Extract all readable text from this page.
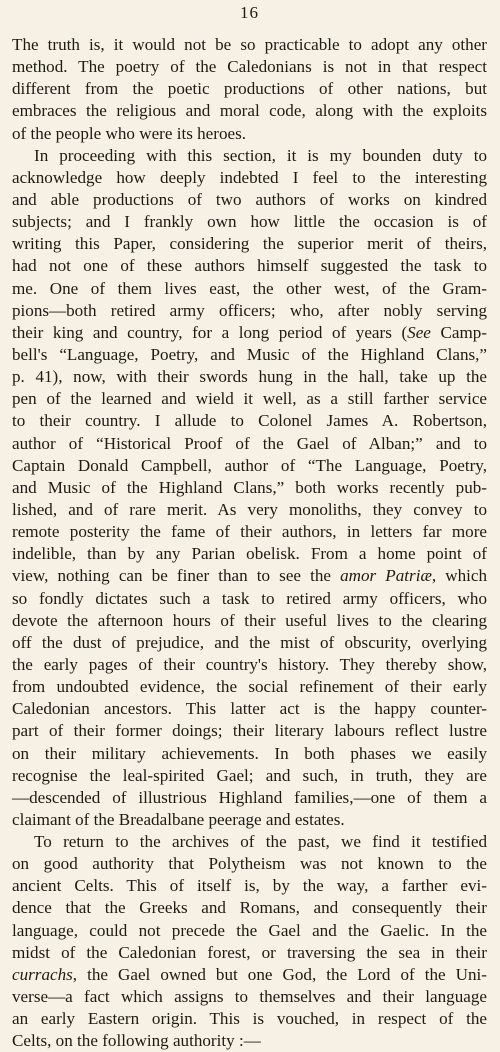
16
The truth is, it would not be so practicable to adopt any other
method. The poetry of the Caledonians is not in that respect
different from the poetic productions of other nations, but
embraces the religious and moral code, along with the exploits
of the people who were its heroes.
In proceeding with this section, it is my bounden duty to
acknowledge how deeply indebted I feel to the interesting
and able productions of two authors of works on kindred
subjects; and I frankly own how little the occasion is of
writing this Paper, considering the superior merit of theirs,
had not one of these authors himself suggested the task to
me. One of them lives east, the other west, of the Gram-
pions—both retired army officers; who, after nobly serving
their king and country, for a long period of years (See Camp-
bell's “Language, Poetry, and Music of the Highland Clans,”
p. 41), now, with their swords hung in the hall, take up the
pen of the learned and wield it well, as a still farther service
to their country. I allude to Colonel James A. Robertson,
author of “Historical Proof of the Gael of Alban;” and to
Captain Donald Campbell, author of “The Language, Poetry,
and Music of the Highland Clans,” both works recently pub-
lished, and of rare merit. As very monoliths, they convey to
remote posterity the fame of their authors, in letters far more
indelible, than by any Parian obelisk. From a home point of
view, nothing can be finer than to see the amor Patriæ, which
so fondly dictates such a task to retired army officers, who
devote the afternoon hours of their useful lives to the clearing
off the dust of prejudice, and the mist of obscurity, overlying
the early pages of their country's history. They thereby show,
from undoubted evidence, the social refinement of their early
Caledonian ancestors. This latter act is the happy counter-
part of their former doings; their literary labours reflect lustre
on their military achievements. In both phases we easily
recognise the leal-spirited Gael; and such, in truth, they are
—descended of illustrious Highland families,—one of them a
claimant of the Breadalbane peerage and estates.
To return to the archives of the past, we find it testified
on good authority that Polytheism was not known to the
ancient Celts. This of itself is, by the way, a farther evi-
dence that the Greeks and Romans, and consequently their
language, could not precede the Gael and the Gaelic. In the
midst of the Caledonian forest, or traversing the sea in their
currachs, the Gael owned but one God, the Lord of the Uni-
verse—a fact which assigns to themselves and their language
an early Eastern origin. This is vouched, in respect of the
Celts, on the following authority :—
